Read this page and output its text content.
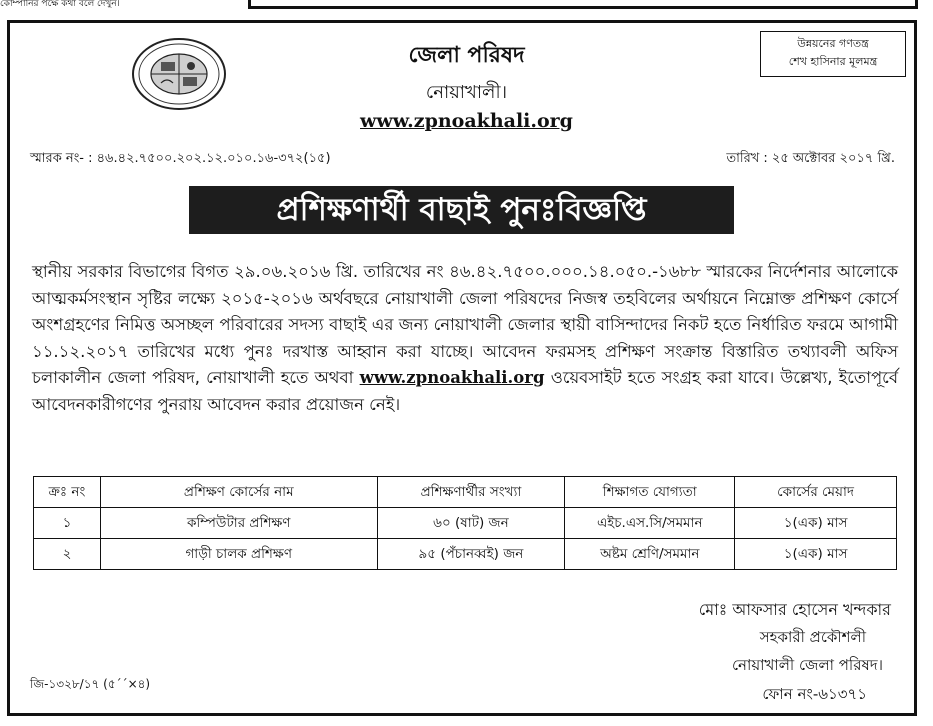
কোম্পানির পক্ষে কথা বলে দেখুন।
জেলা পরিষদ
নোয়াখালী।
www.zpnoakhali.org
উন্নয়নের গণতন্ত্র
শেখ হাসিনার মূলমন্ত্র
স্মারক নং- : ৪৬.৪২.৭৫০০.২০২.১২.০১০.১৬-৩৭২(১৫)	তারিখ : ২৫ অক্টোবর ২০১৭ খ্রি.
প্রশিক্ষণার্থী বাছাই পুনঃবিজ্ঞপ্তি
স্থানীয় সরকার বিভাগের বিগত ২৯.০৬.২০১৬ খ্রি. তারিখের নং ৪৬.৪২.৭৫০০.০০০.১৪.০৫০.-১৬৮৮ স্মারকের নির্দেশনার আলোকে আত্মকর্মসংস্থান সৃষ্টির লক্ষ্যে ২০১৫-২০১৬ অর্থবছরে নোয়াখালী জেলা পরিষদের নিজস্ব তহবিলের অর্থায়নে নিম্নোক্ত প্রশিক্ষণ কোর্সে অংশগ্রহণের নিমিত্ত অসচ্ছল পরিবারের সদস্য বাছাই এর জন্য নোয়াখালী জেলার স্থায়ী বাসিন্দাদের নিকট হতে নির্ধারিত ফরমে আগামী ১১.১২.২০১৭ তারিখের মধ্যে পুনঃ দরখাস্ত আহ্বান করা যাচ্ছে। আবেদন ফরমসহ প্রশিক্ষণ সংক্রান্ত বিস্তারিত তথ্যাবলী অফিস চলাকালীন জেলা পরিষদ, নোয়াখালী হতে অথবা www.zpnoakhali.org ওয়েবসাইট হতে সংগ্রহ করা যাবে। উল্লেখ্য, ইতোপূর্বে আবেদনকারীগণের পুনরায় আবেদন করার প্রয়োজন নেই।
ক্রঃ নং	প্রশিক্ষণ কোর্সের নাম	প্রশিক্ষণার্থীর সংখ্যা	শিক্ষাগত যোগ্যতা	কোর্সের মেয়াদ
১	কম্পিউটার প্রশিক্ষণ	৬০ (ষাট) জন	এইচ.এস.সি/সমমান	১(এক) মাস
২	গাড়ী চালক প্রশিক্ষণ	৯৫ (পঁচানব্বই) জন	অষ্টম শ্রেণি/সমমান	১(এক) মাস
মোঃ আফসার হোসেন খন্দকার
সহকারী প্রকৌশলী
নোয়াখালী জেলা পরিষদ।
ফোন নং-৬১৩৭১
জি-১৩২৮/১৭ (৫´´×৪)
